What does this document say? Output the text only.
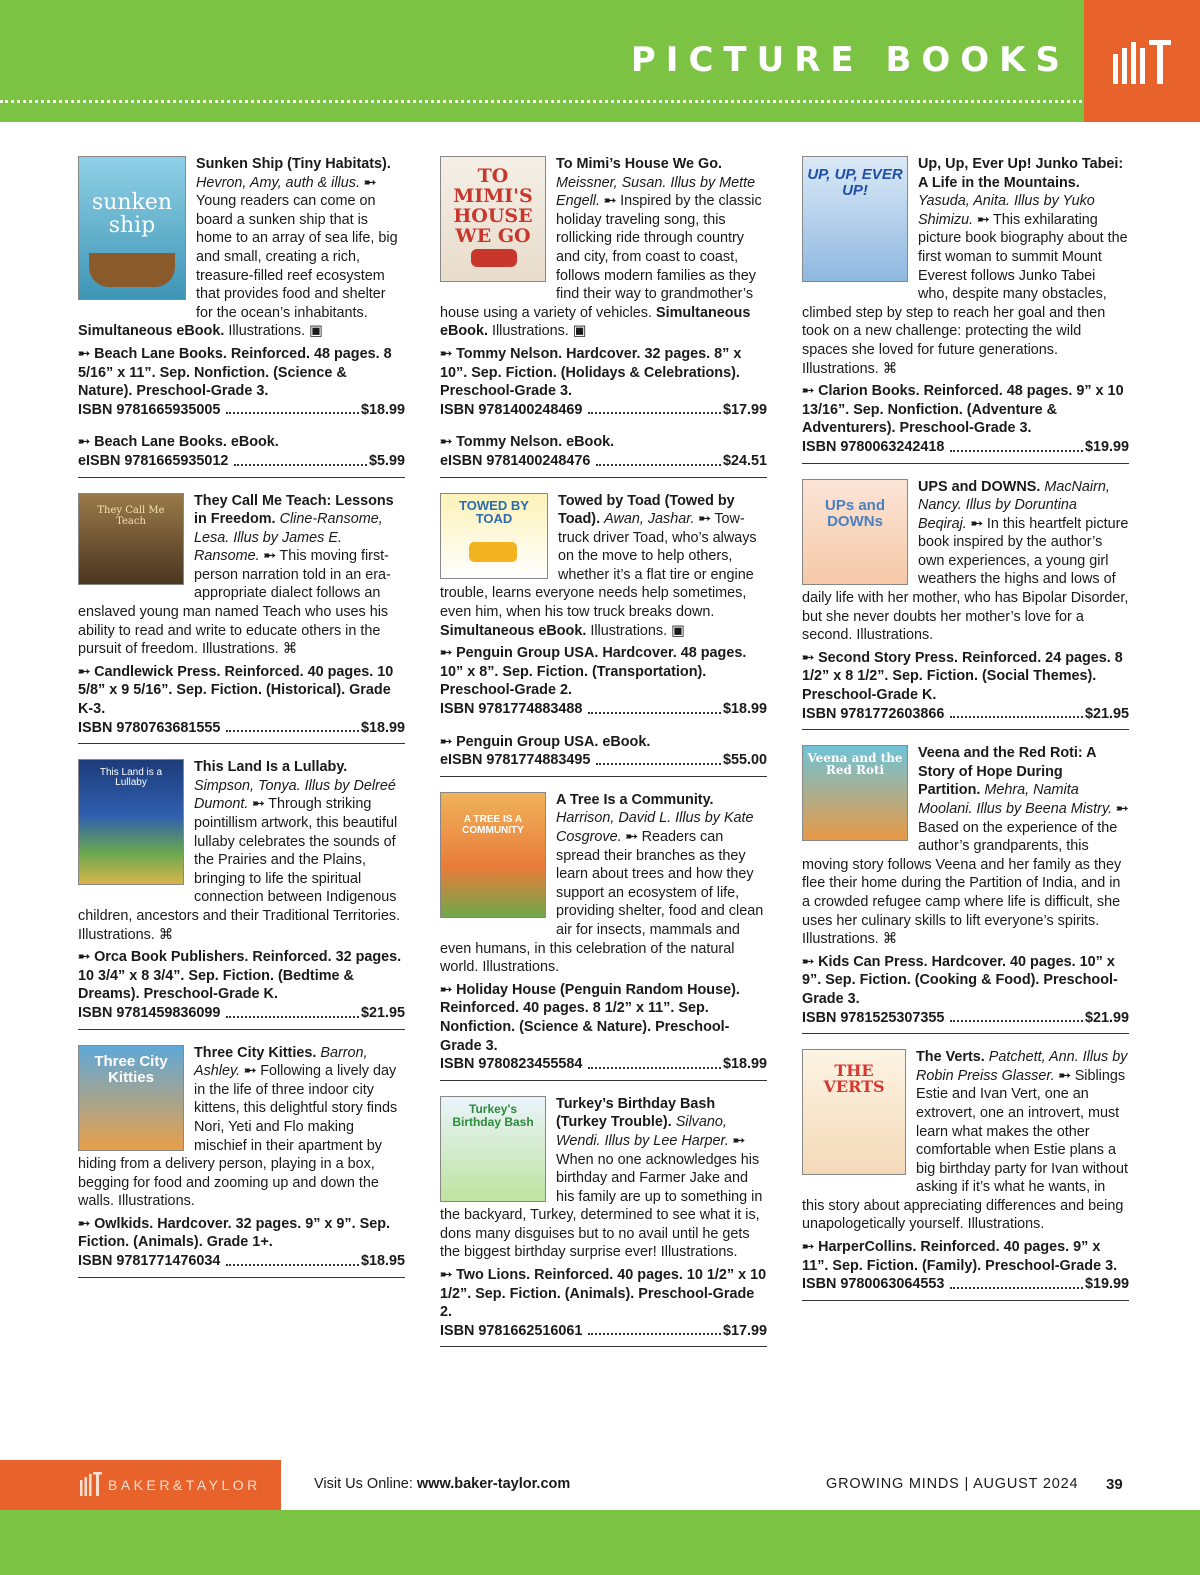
PICTURE BOOKS
sunken ship
Sunken Ship (Tiny Habitats). Hevron, Amy, auth & illus. ➸ Young readers can come on board a sunken ship that is home to an array of sea life, big and small, creating a rich, treasure-filled reef ecosystem that provides food and shelter for the ocean’s inhabitants. Simultaneous eBook. Illustrations. ▣
➸ Beach Lane Books. Reinforced. 48 pages. 8 5/16” x 11”. Sep. Nonfiction. (Science & Nature). Preschool-Grade 3.
ISBN 9781665935005	$18.99
➸ Beach Lane Books. eBook.
eISBN 9781665935012	$5.99
They Call Me Teach
They Call Me Teach: Lessons in Freedom. Cline-Ransome, Lesa. Illus by James E. Ransome. ➸ This moving first-person narration told in an era-appropriate dialect follows an enslaved young man named Teach who uses his ability to read and write to educate others in the pursuit of freedom. Illustrations. ⌘
➸ Candlewick Press. Reinforced. 40 pages. 10 5/8” x 9 5/16”. Sep. Fiction. (Historical). Grade K-3.
ISBN 9780763681555	$18.99
This Land is a Lullaby
This Land Is a Lullaby. Simpson, Tonya. Illus by Delreé Dumont. ➸ Through striking pointillism artwork, this beautiful lullaby celebrates the sounds of the Prairies and the Plains, bringing to life the spiritual connection between Indigenous children, ancestors and their Traditional Territories. Illustrations. ⌘
➸ Orca Book Publishers. Reinforced. 32 pages. 10 3/4” x 8 3/4”. Sep. Fiction. (Bedtime & Dreams). Preschool-Grade K.
ISBN 9781459836099	$21.95
Three City Kitties
Three City Kitties. Barron, Ashley. ➸ Following a lively day in the life of three indoor city kittens, this delightful story finds Nori, Yeti and Flo making mischief in their apartment by hiding from a delivery person, playing in a box, begging for food and zooming up and down the walls. Illustrations.
➸ Owlkids. Hardcover. 32 pages. 9” x 9”. Sep. Fiction. (Animals). Grade 1+.
ISBN 9781771476034	$18.95
TO MIMI'S HOUSE WE GO
To Mimi’s House We Go. Meissner, Susan. Illus by Mette Engell. ➸ Inspired by the classic holiday traveling song, this rollicking ride through country and city, from coast to coast, follows modern families as they find their way to grandmother’s house using a variety of vehicles. Simultaneous eBook. Illustrations. ▣
➸ Tommy Nelson. Hardcover. 32 pages. 8” x 10”. Sep. Fiction. (Holidays & Celebrations). Preschool-Grade 3.
ISBN 9781400248469	$17.99
➸ Tommy Nelson. eBook.
eISBN 9781400248476	$24.51
TOWED BY TOAD
Towed by Toad (Towed by Toad). Awan, Jashar. ➸ Tow-truck driver Toad, who’s always on the move to help others, whether it’s a flat tire or engine trouble, learns everyone needs help sometimes, even him, when his tow truck breaks down. Simultaneous eBook. Illustrations. ▣
➸ Penguin Group USA. Hardcover. 48 pages. 10” x 8”. Sep. Fiction. (Transportation). Preschool-Grade 2.
ISBN 9781774883488	$18.99
➸ Penguin Group USA. eBook.
eISBN 9781774883495	$55.00
A TREE IS A COMMUNITY
A Tree Is a Community. Harrison, David L. Illus by Kate Cosgrove. ➸ Readers can spread their branches as they learn about trees and how they support an ecosystem of life, providing shelter, food and clean air for insects, mammals and even humans, in this celebration of the natural world. Illustrations.
➸ Holiday House (Penguin Random House). Reinforced. 40 pages. 8 1/2” x 11”. Sep. Nonfiction. (Science & Nature). Preschool-Grade 3.
ISBN 9780823455584	$18.99
Turkey's Birthday Bash
Turkey’s Birthday Bash (Turkey Trouble). Silvano, Wendi. Illus by Lee Harper. ➸ When no one acknowledges his birthday and Farmer Jake and his family are up to something in the backyard, Turkey, determined to see what it is, dons many disguises but to no avail until he gets the biggest birthday surprise ever! Illustrations.
➸ Two Lions. Reinforced. 40 pages. 10 1/2” x 10 1/2”. Sep. Fiction. (Animals). Preschool-Grade 2.
ISBN 9781662516061	$17.99
UP, UP, EVER UP!
Up, Up, Ever Up! Junko Tabei: A Life in the Mountains. Yasuda, Anita. Illus by Yuko Shimizu. ➸ This exhilarating picture book biography about the first woman to summit Mount Everest follows Junko Tabei who, despite many obstacles, climbed step by step to reach her goal and then took on a new challenge: protecting the wild spaces she loved for future generations. Illustrations. ⌘
➸ Clarion Books. Reinforced. 48 pages. 9” x 10 13/16”. Sep. Nonfiction. (Adventure & Adventurers). Preschool-Grade 3.
ISBN 9780063242418	$19.99
UPs and DOWNs
UPS and DOWNS. MacNairn, Nancy. Illus by Doruntina Beqiraj. ➸ In this heartfelt picture book inspired by the author’s own experiences, a young girl weathers the highs and lows of daily life with her mother, who has Bipolar Disorder, but she never doubts her mother’s love for a second. Illustrations.
➸ Second Story Press. Reinforced. 24 pages. 8 1/2” x 8 1/2”. Sep. Fiction. (Social Themes). Preschool-Grade K.
ISBN 9781772603866	$21.95
Veena and the Red Roti
Veena and the Red Roti: A Story of Hope During Partition. Mehra, Namita Moolani. Illus by Beena Mistry. ➸ Based on the experience of the author’s grandparents, this moving story follows Veena and her family as they flee their home during the Partition of India, and in a crowded refugee camp where life is difficult, she uses her culinary skills to lift everyone’s spirits. Illustrations. ⌘
➸ Kids Can Press. Hardcover. 40 pages. 10” x 9”. Sep. Fiction. (Cooking & Food). Preschool-Grade 3.
ISBN 9781525307355	$21.99
THE VERTS
The Verts. Patchett, Ann. Illus by Robin Preiss Glasser. ➸ Siblings Estie and Ivan Vert, one an extrovert, one an introvert, must learn what makes the other comfortable when Estie plans a big birthday party for Ivan without asking if it’s what he wants, in this story about appreciating differences and being unapologetically yourself. Illustrations.
➸ HarperCollins. Reinforced. 40 pages. 9” x 11”. Sep. Fiction. (Family). Preschool-Grade 3.
ISBN 9780063064553	$19.99
BAKER&TAYLOR	Visit Us Online: www.baker-taylor.com	GROWING MINDS | AUGUST 2024 39
